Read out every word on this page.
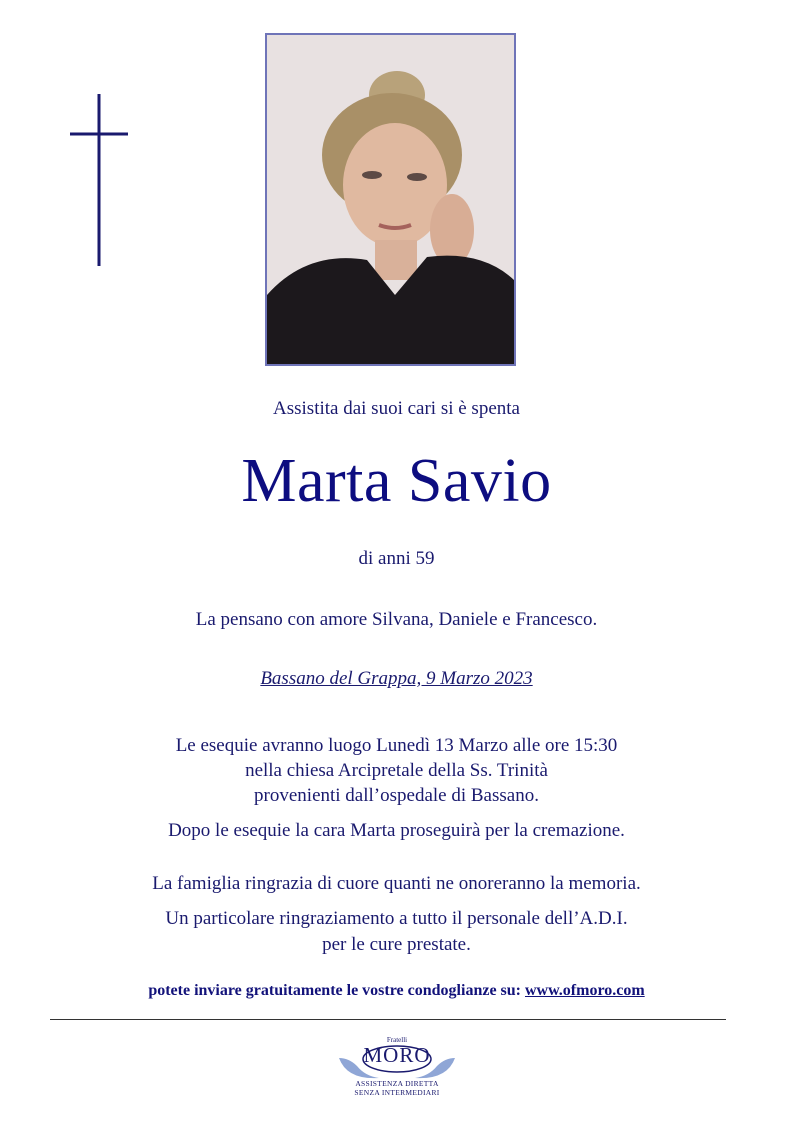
Assistita dai suoi cari si è spenta
Marta Savio
di anni 59
La pensano con amore Silvana, Daniele e Francesco.
Bassano del Grappa, 9 Marzo 2023
Le esequie avranno luogo Lunedì 13 Marzo alle ore 15:30
nella chiesa Arcipretale della Ss. Trinità
provenienti dall’ospedale di Bassano.
Dopo le esequie la cara Marta proseguirà per la cremazione.
La famiglia ringrazia di cuore quanti ne onoreranno la memoria.
Un particolare ringraziamento a tutto il personale dell’A.D.I.
per le cure prestate.
potete inviare gratuitamente le vostre condoglianze su: www.ofmoro.com
Fratelli
MORO
ASSISTENZA DIRETTA
SENZA INTERMEDIARI
